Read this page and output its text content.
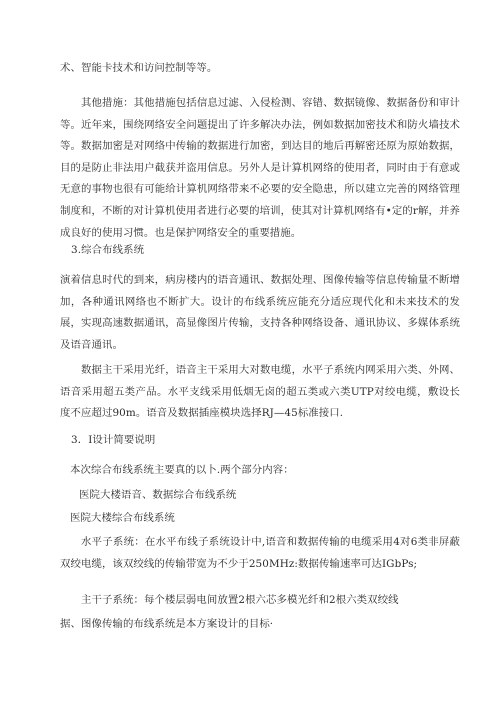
术、智能卡技术和访问控制等等。
其他措施：其他措施包括信息过滤、入侵检测、容错、数据镜像、数据备份和审计等。近年来，围绕网络安全问题提出了许多解决办法，例如数据加密技术和防火墙技术等。数据加密是对网络中传输的数据进行加密，到达目的地后再解密还原为原始数据，目的是防止非法用户截获并盗用信息。另外人是计算机网络的使用者，同时由于有意或无意的事物也很有可能给计算机网络带来不必要的安全隐患，所以建立完善的网络管理制度和，不断的对计算机使用者进行必要的培训，使其对计算机网络有•定的r解，并养成良好的使用习惯。也是保护网络安全的重要措施。
3.综合布线系统
演着信息时代的到来，病房楼内的语音通讯、数据处理、图像传输等信息传输量不断增加，各种通讯网络也不断扩大。设计的布线系统应能充分适应现代化和未来技术的发展，实现高速数据通讯，高显像图片传输，支持各种网络设备、通讯协议、多媒体系统及语音通讯。
数据主干采用光纤，语音主干采用大对数电缆，水平子系统内网采用六类、外网、语音采用超五类产品。水平支线采用低烟无卤的超五类或六类UTP对绞电缆，敷设长度不应超过90m。语音及数据插座模块选择RJ—45标准接口.
3．I设计简要说明
本次综合布线系统主要真的以卜.两个部分内容：
医院大楼语音、数据综合布线系统
医院大楼综合布线系统
水平子系统：在水平布线子系统设计中,语音和数据传输的电缆采用4对6类非屏蔽双绞电缆，该双绞线的传输带宽为不少于250MHz:数据传输速率可达IGbPs;
主干子系统：每个楼层弱电间放置2根六芯多模光纤和2根六类双绞线
据、图像传输的布线系统是本方案设计的目标·
